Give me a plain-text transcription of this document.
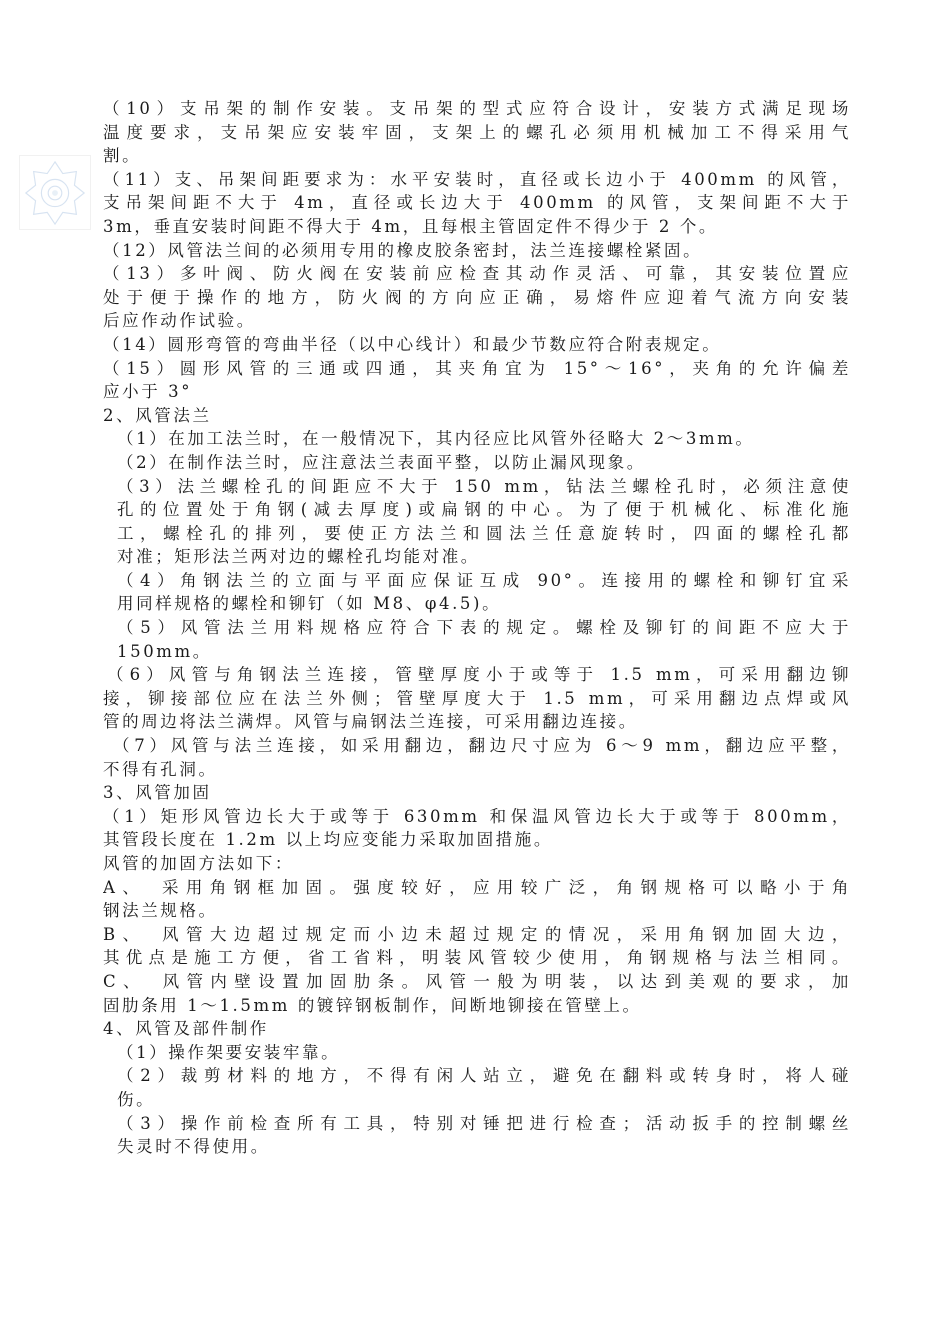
（10）支吊架的制作安装。支吊架的型式应符合设计，安装方式满足现场
温度要求，支吊架应安装牢固，支架上的螺孔必须用机械加工不得采用气
割。
（11）支、吊架间距要求为：水平安装时，直径或长边小于 400mm 的风管，
支吊架间距不大于 4m，直径或长边大于 400mm 的风管，支架间距不大于
3m，垂直安装时间距不得大于 4m，且每根主管固定件不得少于 2 个。
（12）风管法兰间的必须用专用的橡皮胶条密封，法兰连接螺栓紧固。
（13）多叶阀、防火阀在安装前应检查其动作灵活、可靠，其安装位置应
处于便于操作的地方，防火阀的方向应正确，易熔件应迎着气流方向安装
后应作动作试验。
（14）圆形弯管的弯曲半径（以中心线计）和最少节数应符合附表规定。
（15）圆形风管的三通或四通，其夹角宜为 15°～16°，夹角的允许偏差
应小于 3°
2、风管法兰
（1）在加工法兰时，在一般情况下，其内径应比风管外径略大 2～3mm。
（2）在制作法兰时，应注意法兰表面平整，以防止漏风现象。
（3）法兰螺栓孔的间距应不大于 150 mm，钻法兰螺栓孔时，必须注意使
孔的位置处于角钢(减去厚度)或扁钢的中心。为了便于机械化、标准化施
工，螺栓孔的排列，要使正方法兰和圆法兰任意旋转时，四面的螺栓孔都
对准；矩形法兰两对边的螺栓孔均能对准。
（4）角钢法兰的立面与平面应保证互成 90°。连接用的螺栓和铆钉宜采
用同样规格的螺栓和铆钉（如 M8、φ4.5)。
（5）风管法兰用料规格应符合下表的规定。螺栓及铆钉的间距不应大于
150mm。
（6）风管与角钢法兰连接，管壁厚度小于或等于 1.5 mm，可采用翻边铆
接，铆接部位应在法兰外侧；管壁厚度大于 1.5 mm，可采用翻边点焊或风
管的周边将法兰满焊。风管与扁钢法兰连接，可采用翻边连接。
（7）风管与法兰连接，如采用翻边，翻边尺寸应为 6～9 mm，翻边应平整，
不得有孔洞。
3、风管加固
（1）矩形风管边长大于或等于 630mm 和保温风管边长大于或等于 800mm，
其管段长度在 1.2m 以上均应变能力采取加固措施。
风管的加固方法如下：
A、　采用角钢框加固。强度较好，应用较广泛，角钢规格可以略小于角
钢法兰规格。
B、　风管大边超过规定而小边未超过规定的情况，采用角钢加固大边，
其优点是施工方便，省工省料，明装风管较少使用，角钢规格与法兰相同。
C、　风管内壁设置加固肋条。风管一般为明装，以达到美观的要求，加
固肋条用 1～1.5mm 的镀锌钢板制作，间断地铆接在管壁上。
4、风管及部件制作
（1）操作架要安装牢靠。
（2）裁剪材料的地方，不得有闲人站立，避免在翻料或转身时，将人碰
伤。
（3）操作前检查所有工具，特别对锤把进行检查；活动扳手的控制螺丝
失灵时不得使用。
